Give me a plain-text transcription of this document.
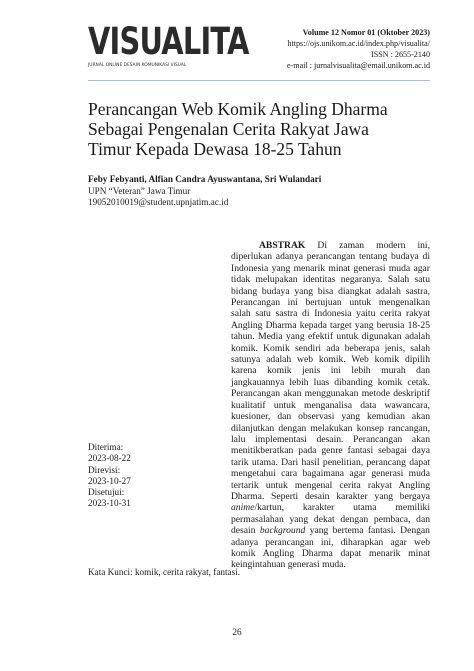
VISUALITA
JURNAL ONLINE DESAIN KOMUNIKASI VISUAL
Volume 12 Nomor 01 (Oktober 2023)
https://ojs.unikom.ac.id/index.php/visualita/
ISSN : 2655-2140
e-mail : jurnalvisualita@email.unikom.ac.id
Perancangan Web Komik Angling Dharma Sebagai Pengenalan Cerita Rakyat Jawa Timur Kepada Dewasa 18-25 Tahun
Feby Febyanti, Alfian Candra Ayuswantana, Sri Wulandari
UPN “Veteran” Jawa Timur
19052010019@student.upnjatim.ac.id

ABSTRAK Di zaman modern ini, diperlukan adanya perancangan tentang budaya di Indonesia yang menarik minat generasi muda agar tidak melupakan identitas negaranya. Salah satu bidang budaya yang bisa diangkat adalah sastra, Perancangan ini bertujuan untuk mengenalkan salah satu sastra di Indonesia yaitu cerita rakyat Angling Dharma kepada target yang berusia 18-25 tahun. Media yang efektif untuk digunakan adalah komik. Komik sendiri ada beberapa jenis, salah satunya adalah web komik. Web komik dipilih karena komik jenis ini lebih murah dan jangkauannya lebih luas dibanding komik cetak. Perancangan akan menggunakan metode deskriptif kualitatif untuk menganalisa data wawancara, kuesioner, dan observasi yang kemudian akan dilanjutkan dengan melakukan konsep rancangan, lalu implementasi desain. Perancangan akan menitikberatkan pada genre fantasi sebagai daya tarik utama. Dari hasil penelitian, perancang dapat mengetahui cara bagaimana agar generasi muda tertarik untuk mengenal cerita rakyat Angling Dharma. Seperti desain karakter yang bergaya anime/kartun, karakter utama memiliki permasalahan yang dekat dengan pembaca, dan desain background yang bertema fantasi. Dengan adanya perancangan ini, diharapkan agar web komik Angling Dharma dapat menarik minat keingintahuan generasi muda.

Diterima:
2023-08-22
Direvisi:
2023-10-27
Disetujui:
2023-10-31
Kata Kunci: komik, cerita rakyat, fantasi.
26
